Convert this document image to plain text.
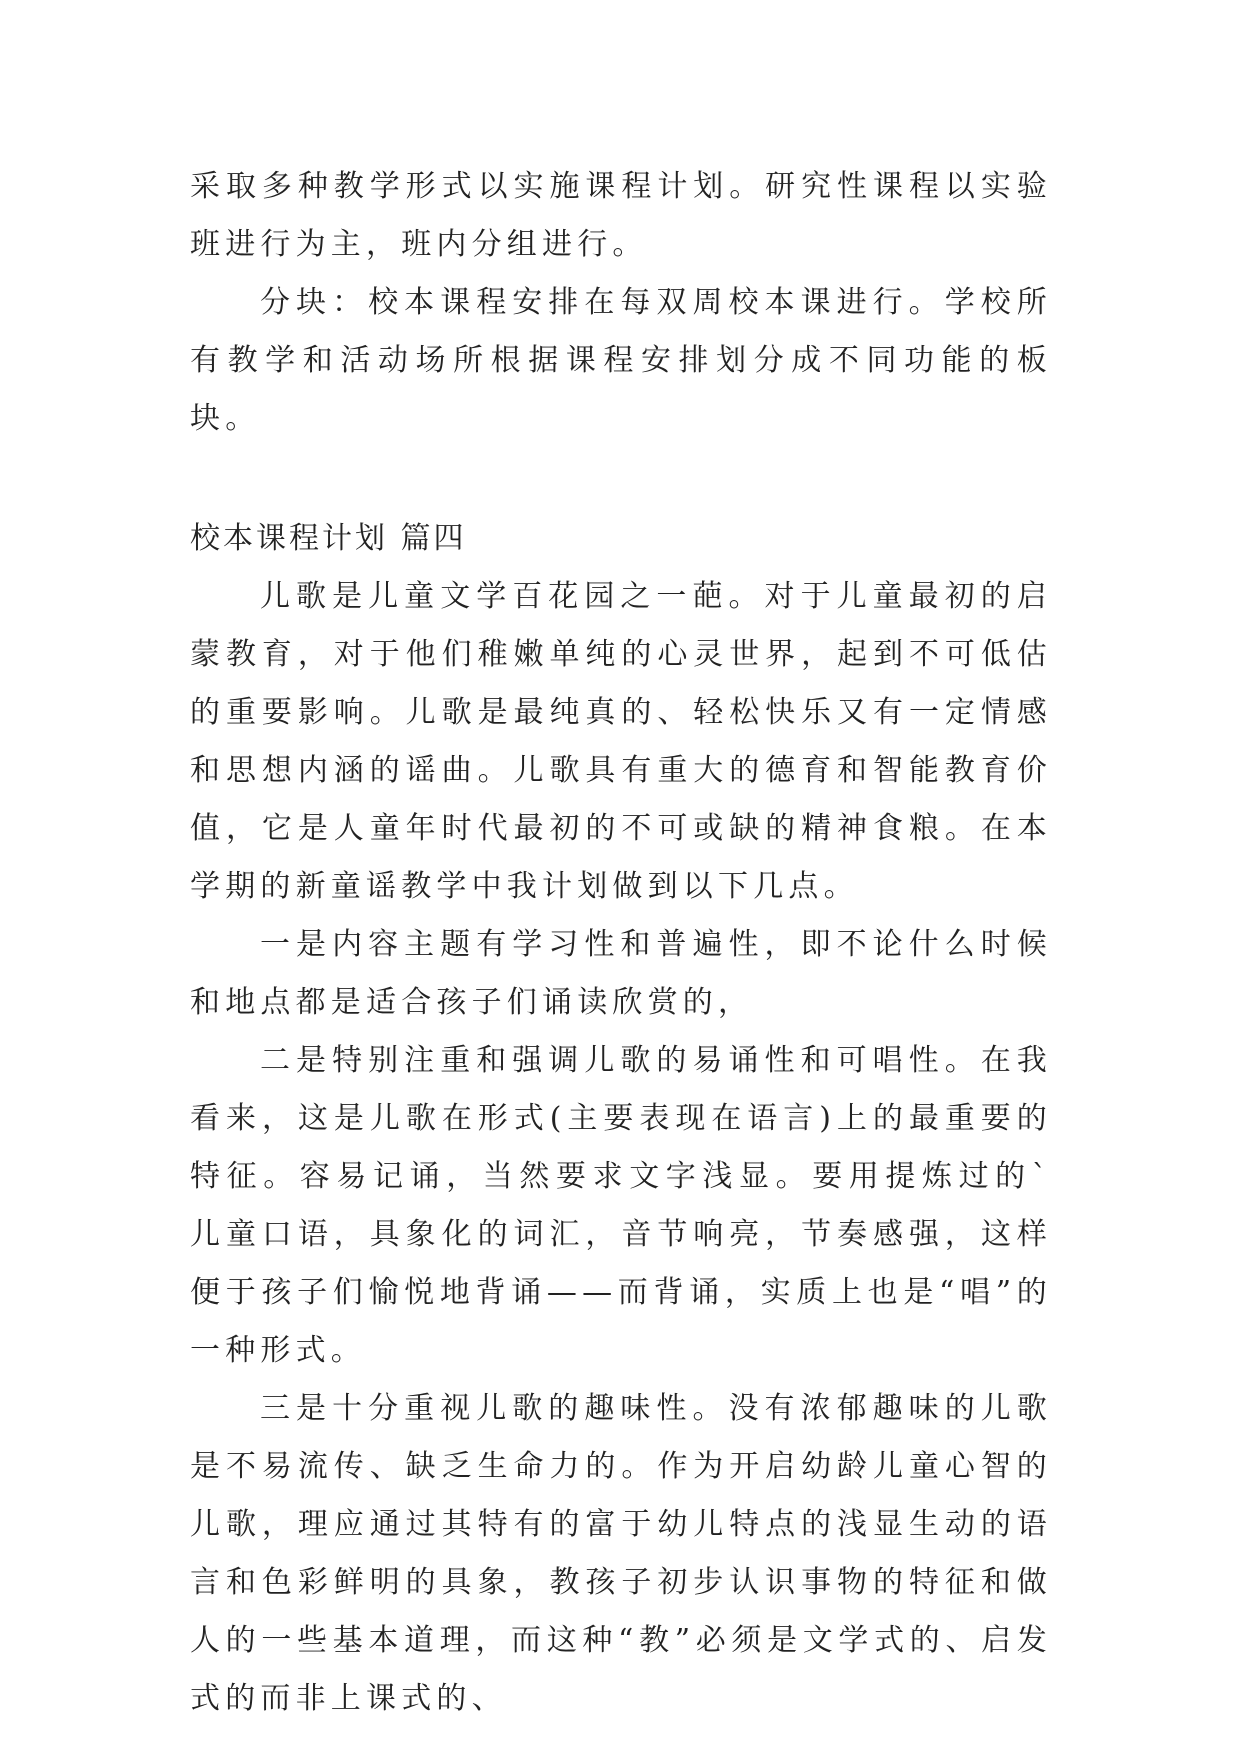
采取多种教学形式以实施课程计划。研究性课程以实验班进行为主，班内分组进行。

分块：校本课程安排在每双周校本课进行。学校所有教学和活动场所根据课程安排划分成不同功能的板块。

校本课程计划 篇四

儿歌是儿童文学百花园之一葩。对于儿童最初的启蒙教育，对于他们稚嫩单纯的心灵世界，起到不可低估的重要影响。儿歌是最纯真的、轻松快乐又有一定情感和思想内涵的谣曲。儿歌具有重大的德育和智能教育价值，它是人童年时代最初的不可或缺的精神食粮。在本学期的新童谣教学中我计划做到以下几点。

一是内容主题有学习性和普遍性，即不论什么时候和地点都是适合孩子们诵读欣赏的，

二是特别注重和强调儿歌的易诵性和可唱性。在我看来，这是儿歌在形式(主要表现在语言)上的最重要的特征。容易记诵，当然要求文字浅显。要用提炼过的`儿童口语，具象化的词汇，音节响亮，节奏感强，这样便于孩子们愉悦地背诵——而背诵，实质上也是“唱”的一种形式。

三是十分重视儿歌的趣味性。没有浓郁趣味的儿歌是不易流传、缺乏生命力的。作为开启幼龄儿童心智的儿歌，理应通过其特有的富于幼儿特点的浅显生动的语言和色彩鲜明的具象，教孩子初步认识事物的特征和做人的一些基本道理，而这种“教”必须是文学式的、启发式的而非上课式的、
